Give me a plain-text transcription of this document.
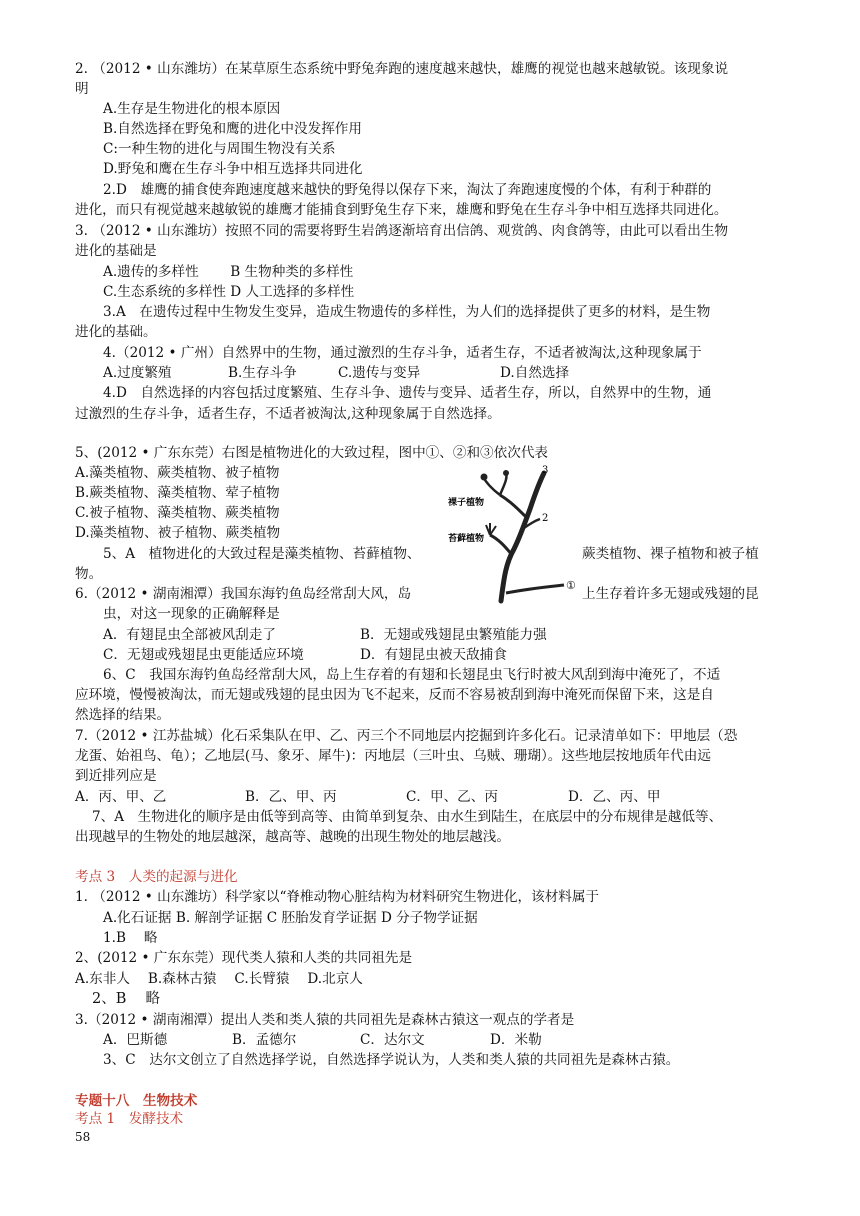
2. （2012 • 山东潍坊）在某草原生态系统中野兔奔跑的速度越来越快，雄鹰的视觉也越来越敏锐。该现象说
明
A.生存是生物进化的根本原因
B.自然选择在野兔和鹰的进化中没发挥作用
C:一种生物的进化与周围生物没有关系
D.野兔和鹰在生存斗争中相互选择共同进化
2.D　雄鹰的捕食使奔跑速度越来越快的野兔得以保存下来，淘汰了奔跑速度慢的个体，有利于种群的
进化，而只有视觉越来越敏锐的雄鹰才能捕食到野兔生存下来，雄鹰和野兔在生存斗争中相互选择共同进化。
3. （2012 • 山东潍坊）按照不同的需要将野生岩鸽逐渐培育出信鸽、观赏鸽、肉食鸽等，由此可以看出生物
进化的基础是
A.遗传的多样性　　 B 生物种类的多样性
C.生态系统的多样性 D 人工选择的多样性
3.A　在遗传过程中生物发生变异，造成生物遗传的多样性，为人们的选择提供了更多的材料，是生物
进化的基础。
4.（2012 • 广州）自然界中的生物，通过激烈的生存斗争，适者生存，不适者被淘汰,这种现象属于
A.过度繁殖	B.生存斗争	C.遗传与变异	D.自然选择
4.D　自然选择的内容包括过度繁殖、生存斗争、遗传与变异、适者生存，所以，自然界中的生物，通
过激烈的生存斗争，适者生存，不适者被淘汰,这种现象属于自然选择。
5、(2012 • 广东东莞）右图是植物进化的大致过程，图中①、②和③依次代表
A.藻类植物、蕨类植物、被子植物
B.蕨类植物、藻类植物、荤子植物
C.被子植物、藻类植物、蕨类植物
D.藻类植物、被子植物、蕨类植物
5、A　植物进化的大致过程是藻类植物、苔藓植物、	蕨类植物、裸子植物和被子植
物。
裸子植物
苔藓植物
①
2
3
6.（2012 • 湖南湘潭）我国东海钓鱼岛经常刮大风，岛	上生存着许多无翅或残翅的昆
虫，对这一现象的正确解释是
A．有翅昆虫全部被风刮走了	B．无翅或残翅昆虫繁殖能力强
C．无翅或残翅昆虫更能适应环境	D．有翅昆虫被天敌捕食
6、C　我国东海钓鱼岛经常刮大风，岛上生存着的有翅和长翅昆虫飞行时被大风刮到海中淹死了，不适
应环境，慢慢被淘汰，而无翅或残翅的昆虫因为飞不起来，反而不容易被刮到海中淹死而保留下来，这是自
然选择的结果。
7.（2012 • 江苏盐城）化石采集队在甲、乙、丙三个不同地层内挖掘到许多化石。记录清单如下：甲地层（恐
龙蛋、始祖鸟、龟）；乙地层(马、象牙、犀牛)：丙地层（三叶虫、乌贼、珊瑚）。这些地层按地质年代由远
到近排列应是
A．丙、甲、乙	B．乙、甲、丙	C．甲、乙、丙	D．乙、丙、甲
7、A　生物进化的顺序是由低等到高等、由简单到复杂、由水生到陆生，在底层中的分布规律是越低等、
出现越早的生物处的地层越深，越高等、越晚的出现生物处的地层越浅。
考点 3　人类的起源与进化
1. （2012 • 山东潍坊）科学家以“脊椎动物心脏结构为材料研究生物进化，该材料属于
A.化石证据 B. 解剖学证据 C 胚胎发育学证据 D 分子物学证据
1.B　 略
2、(2012 • 广东东莞）现代类人猿和人类的共同祖先是
A.东非人　 B.森林古猿　 C.长臂猿　 D.北京人
2、B　 略
3.（2012 • 湖南湘潭）提出人类和类人猿的共同祖先是森林古猿这一观点的学者是
A．巴斯德	B．孟德尔	C．达尔文	D．米勒
3、C　达尔文创立了自然选择学说，自然选择学说认为，人类和类人猿的共同祖先是森林古猿。
专题十八　生物技术
考点 1　发酵技术
58
